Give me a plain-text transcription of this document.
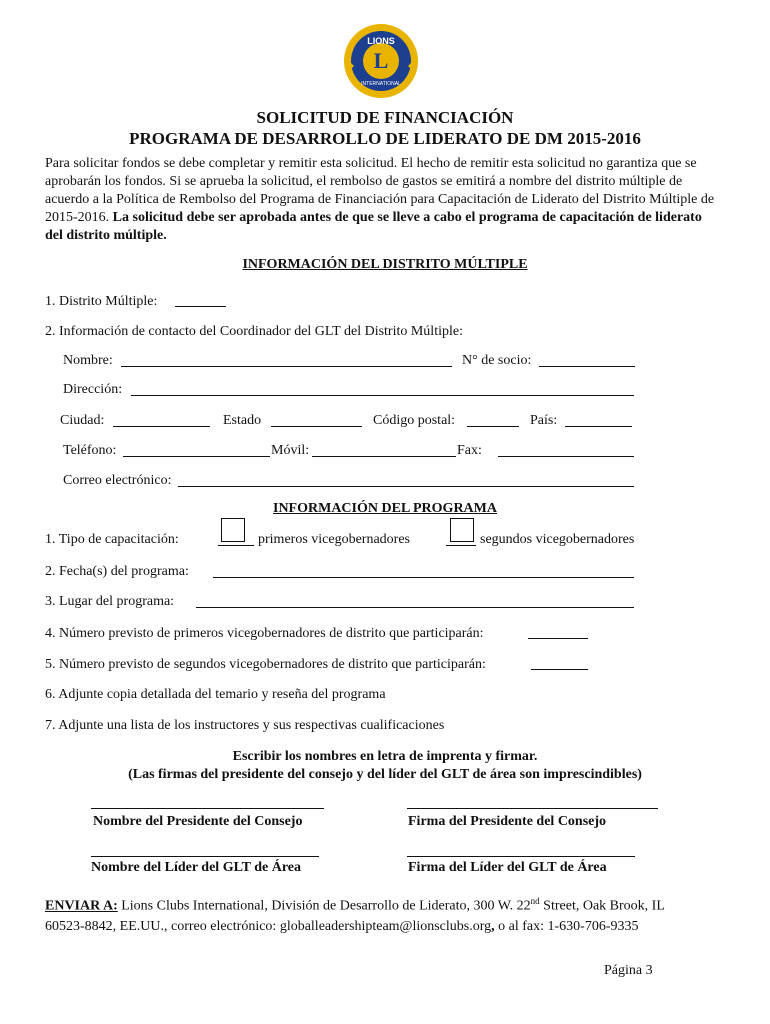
LIONS
L
INTERNATIONAL
SOLICITUD DE FINANCIACIÓN
PROGRAMA DE DESARROLLO DE LIDERATO DE DM 2015-2016
Para solicitar fondos se debe completar y remitir esta solicitud. El hecho de remitir esta solicitud no garantiza que se aprobarán los fondos. Si se aprueba la solicitud, el rembolso de gastos se emitirá a nombre del distrito múltiple de acuerdo a la Política de Rembolso del Programa de Financiación para Capacitación de Liderato del Distrito Múltiple de 2015-2016. La solicitud debe ser aprobada antes de que se lleve a cabo el programa de capacitación de liderato del distrito múltiple.
INFORMACIÓN DEL DISTRITO MÚLTIPLE
1. Distrito Múltiple:
2. Información de contacto del Coordinador del GLT del Distrito Múltiple:
Nombre:	N° de socio:
Dirección:
Ciudad:	Estado	Código postal:	País:
Teléfono:	Móvil:	Fax:
Correo electrónico:
INFORMACIÓN DEL PROGRAMA
1. Tipo de capacitación:	primeros vicegobernadores	segundos vicegobernadores
2. Fecha(s) del programa:
3. Lugar del programa:
4. Número previsto de primeros vicegobernadores de distrito que participarán:
5. Número previsto de segundos vicegobernadores de distrito que participarán:
6. Adjunte copia detallada del temario y reseña del programa
7. Adjunte una lista de los instructores y sus respectivas cualificaciones
Escribir los nombres en letra de imprenta y firmar.
(Las firmas del presidente del consejo y del líder del GLT de área son imprescindibles)
Nombre del Presidente del Consejo	Firma del Presidente del Consejo
Nombre del Líder del GLT de Área	Firma del Líder del GLT de Área
ENVIAR A: Lions Clubs International, División de Desarrollo de Liderato, 300 W. 22nd Street, Oak Brook, IL
60523-8842, EE.UU., correo electrónico: globalleadershipteam@lionsclubs.org, o al fax: 1-630-706-9335
Página 3
